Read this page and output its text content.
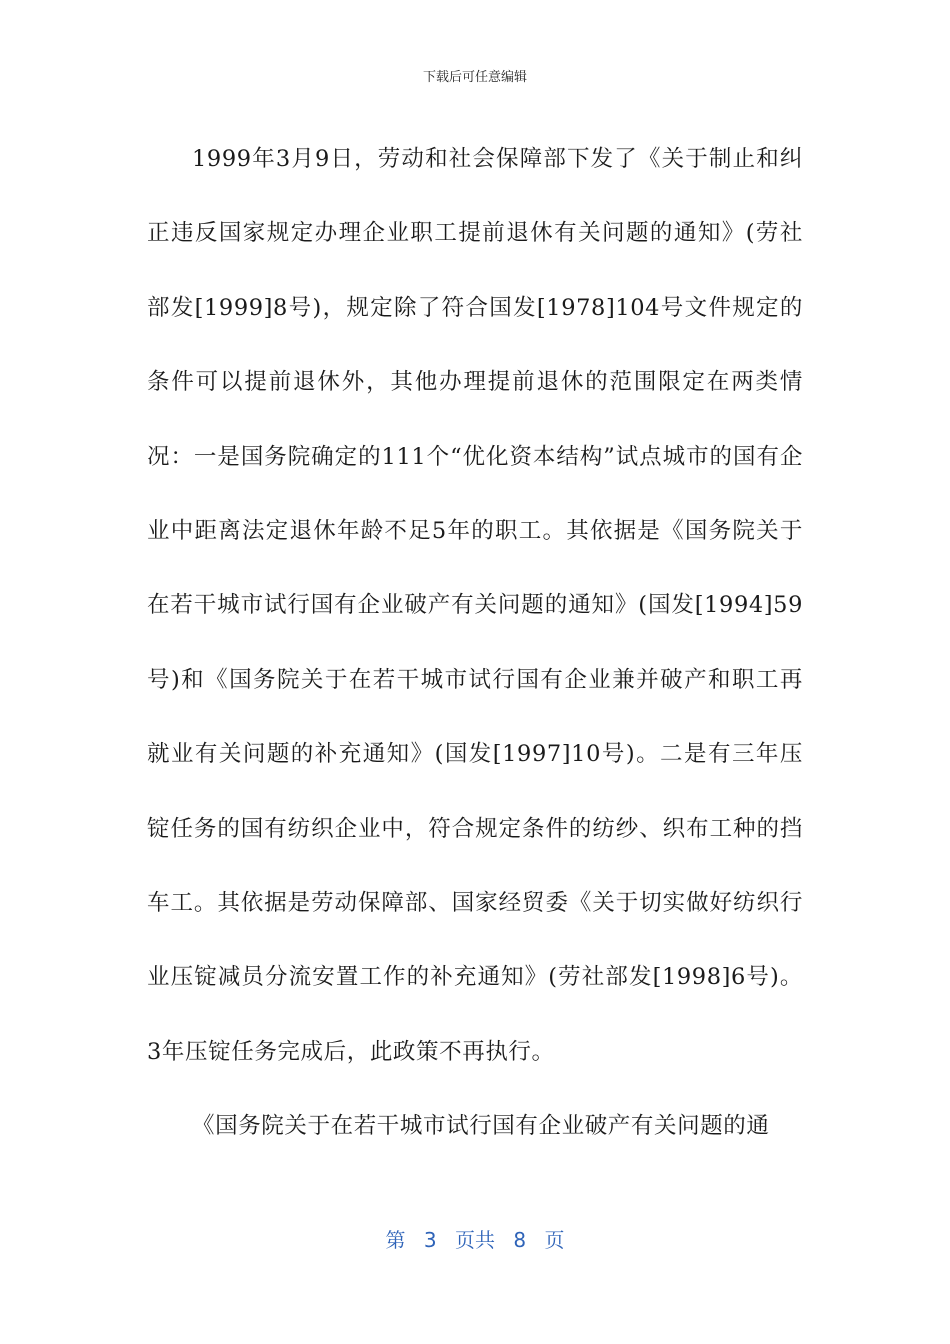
下载后可任意编辑

1999年3月9日，劳动和社会保障部下发了《关于制止和纠正违反国家规定办理企业职工提前退休有关问题的通知》(劳社部发[1999]8号)，规定除了符合国发[1978]104号文件规定的条件可以提前退休外，其他办理提前退休的范围限定在两类情况：一是国务院确定的111个“优化资本结构”试点城市的国有企业中距离法定退休年龄不足5年的职工。其依据是《国务院关于在若干城市试行国有企业破产有关问题的通知》(国发[1994]59号)和《国务院关于在若干城市试行国有企业兼并破产和职工再就业有关问题的补充通知》(国发[1997]10号)。二是有三年压锭任务的国有纺织企业中，符合规定条件的纺纱、织布工种的挡车工。其依据是劳动保障部、国家经贸委《关于切实做好纺织行业压锭减员分流安置工作的补充通知》(劳社部发[1998]6号)。3年压锭任务完成后，此政策不再执行。

《国务院关于在若干城市试行国有企业破产有关问题的通

第 3 页共 8 页
